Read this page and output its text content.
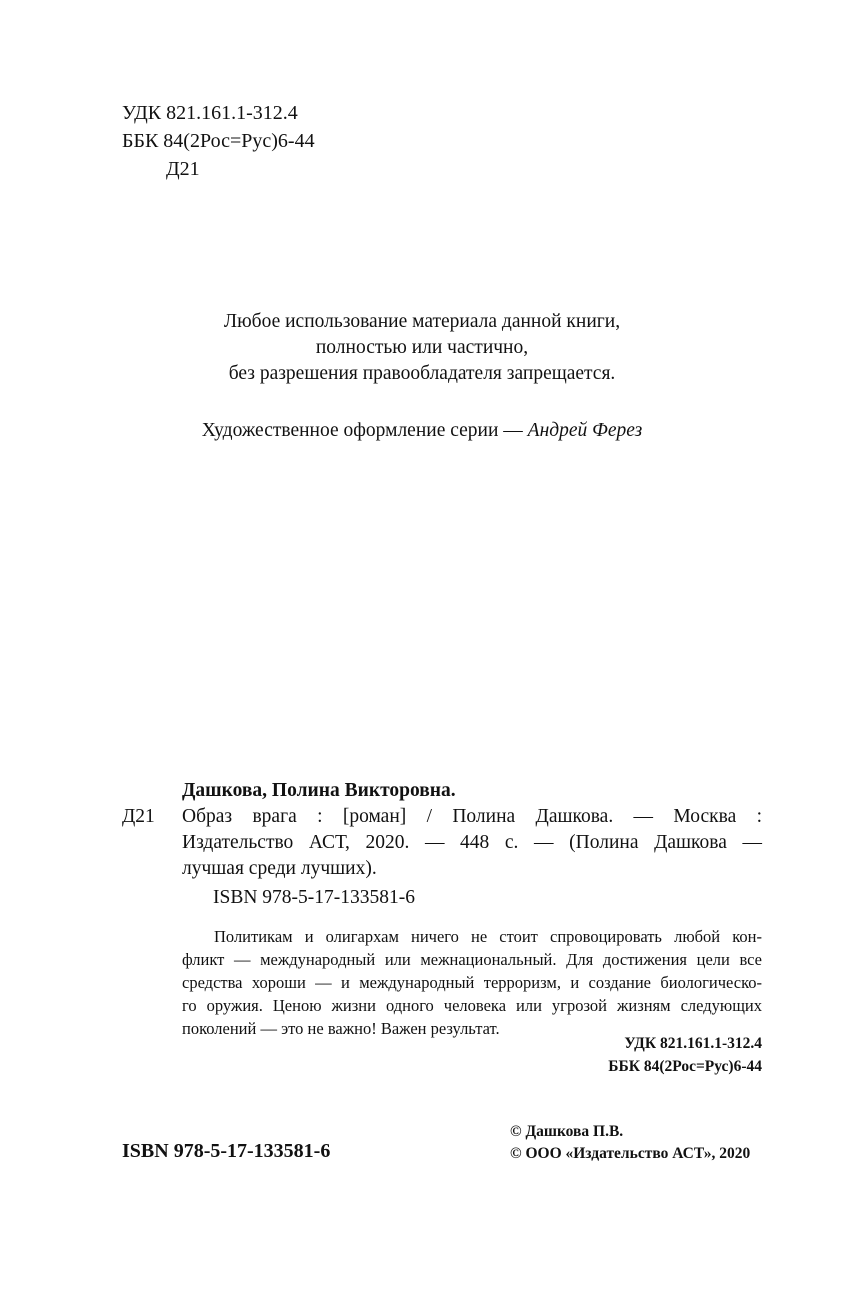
УДК 821.161.1-312.4
ББК 84(2Рос=Рус)6-44
Д21
Любое использование материала данной книги,
полностью или частично,
без разрешения правообладателя запрещается.
Художественное оформление серии — Андрей Ферез
Дашкова, Полина Викторовна.
Д21 Образ врага : [роман] / Полина Дашкова. — Москва :
Издательство АСТ, 2020. — 448 с. — (Полина Дашкова —
лучшая среди лучших).
ISBN 978-5-17-133581-6
Политикам и олигархам ничего не стоит спровоцировать любой кон-
фликт — международный или межнациональный. Для достижения цели все
средства хороши — и международный терроризм, и создание биологическо-
го оружия. Ценою жизни одного человека или угрозой жизням следующих
поколений — это не важно! Важен результат.
УДК 821.161.1-312.4
ББК 84(2Рос=Рус)6-44
ISBN 978-5-17-133581-6
© Дашкова П.В.
© ООО «Издательство АСТ», 2020
